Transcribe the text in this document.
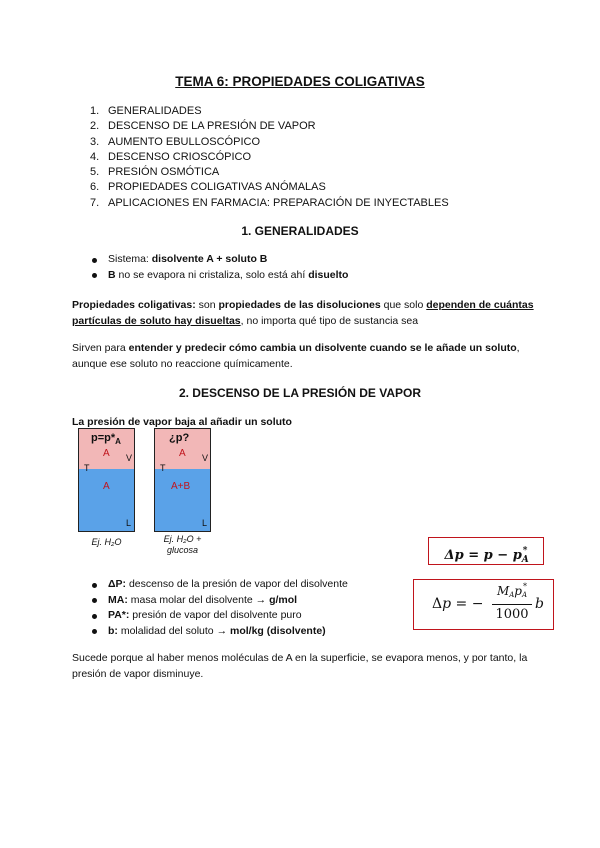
TEMA 6: PROPIEDADES COLIGATIVAS
1. GENERALIDADES
2. DESCENSO DE LA PRESIÓN DE VAPOR
3. AUMENTO EBULLOSCÓPICO
4. DESCENSO CRIOSCÓPICO
5. PRESIÓN OSMÓTICA
6. PROPIEDADES COLIGATIVAS ANÓMALAS
7. APLICACIONES EN FARMACIA: PREPARACIÓN DE INYECTABLES
1. GENERALIDADES
Sistema: disolvente A + soluto B
B no se evapora ni cristaliza, solo está ahí disuelto
Propiedades coligativas: son propiedades de las disoluciones que solo dependen de cuántas partículas de soluto hay disueltas, no importa qué tipo de sustancia sea
Sirven para entender y predecir cómo cambia un disolvente cuando se le añade un soluto, aunque ese soluto no reaccione químicamente.
2. DESCENSO DE LA PRESIÓN DE VAPOR
La presión de vapor baja al añadir un soluto
$p=p*_A$
A
T
V
A
L
Ej. H₂O
¿p?
A
T
V
A+B
L
Ej. H₂O +
glucosa	$\Delta p = p - p_A^*$
Δp = −
MApA*
1000
b
ΔP: descenso de la presión de vapor del disolvente
MA: masa molar del disolvente → g/mol
PA*: presión de vapor del disolvente puro
b: molalidad del soluto → mol/kg (disolvente)
Sucede porque al haber menos moléculas de A en la superficie, se evapora menos, y por tanto, la presión de vapor disminuye.
